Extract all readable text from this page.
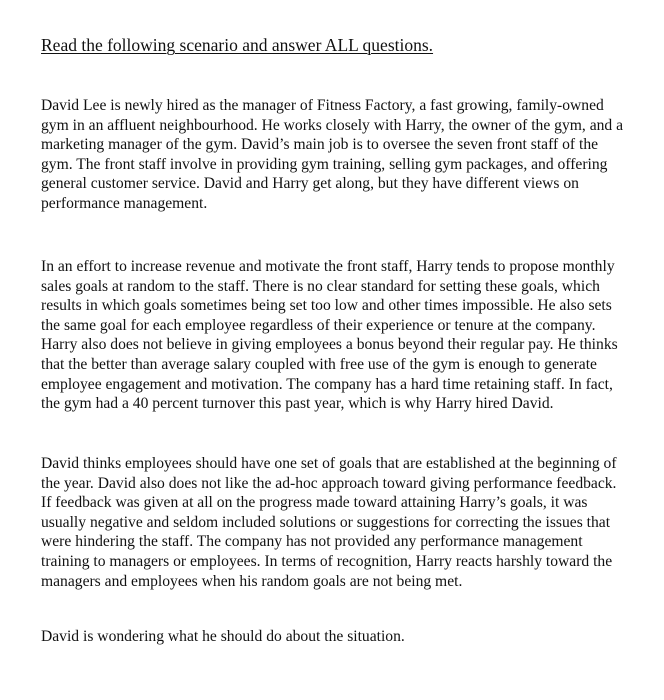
Read the following scenario and answer ALL questions.

David Lee is newly hired as the manager of Fitness Factory, a fast growing, family-owned
gym in an affluent neighbourhood. He works closely with Harry, the owner of the gym, and a
marketing manager of the gym. David’s main job is to oversee the seven front staff of the
gym. The front staff involve in providing gym training, selling gym packages, and offering
general customer service. David and Harry get along, but they have different views on
performance management.

In an effort to increase revenue and motivate the front staff, Harry tends to propose monthly
sales goals at random to the staff. There is no clear standard for setting these goals, which
results in which goals sometimes being set too low and other times impossible. He also sets
the same goal for each employee regardless of their experience or tenure at the company.
Harry also does not believe in giving employees a bonus beyond their regular pay. He thinks
that the better than average salary coupled with free use of the gym is enough to generate
employee engagement and motivation. The company has a hard time retaining staff. In fact,
the gym had a 40 percent turnover this past year, which is why Harry hired David.

David thinks employees should have one set of goals that are established at the beginning of
the year. David also does not like the ad-hoc approach toward giving performance feedback.
If feedback was given at all on the progress made toward attaining Harry’s goals, it was
usually negative and seldom included solutions or suggestions for correcting the issues that
were hindering the staff. The company has not provided any performance management
training to managers or employees. In terms of recognition, Harry reacts harshly toward the
managers and employees when his random goals are not being met.

David is wondering what he should do about the situation.
